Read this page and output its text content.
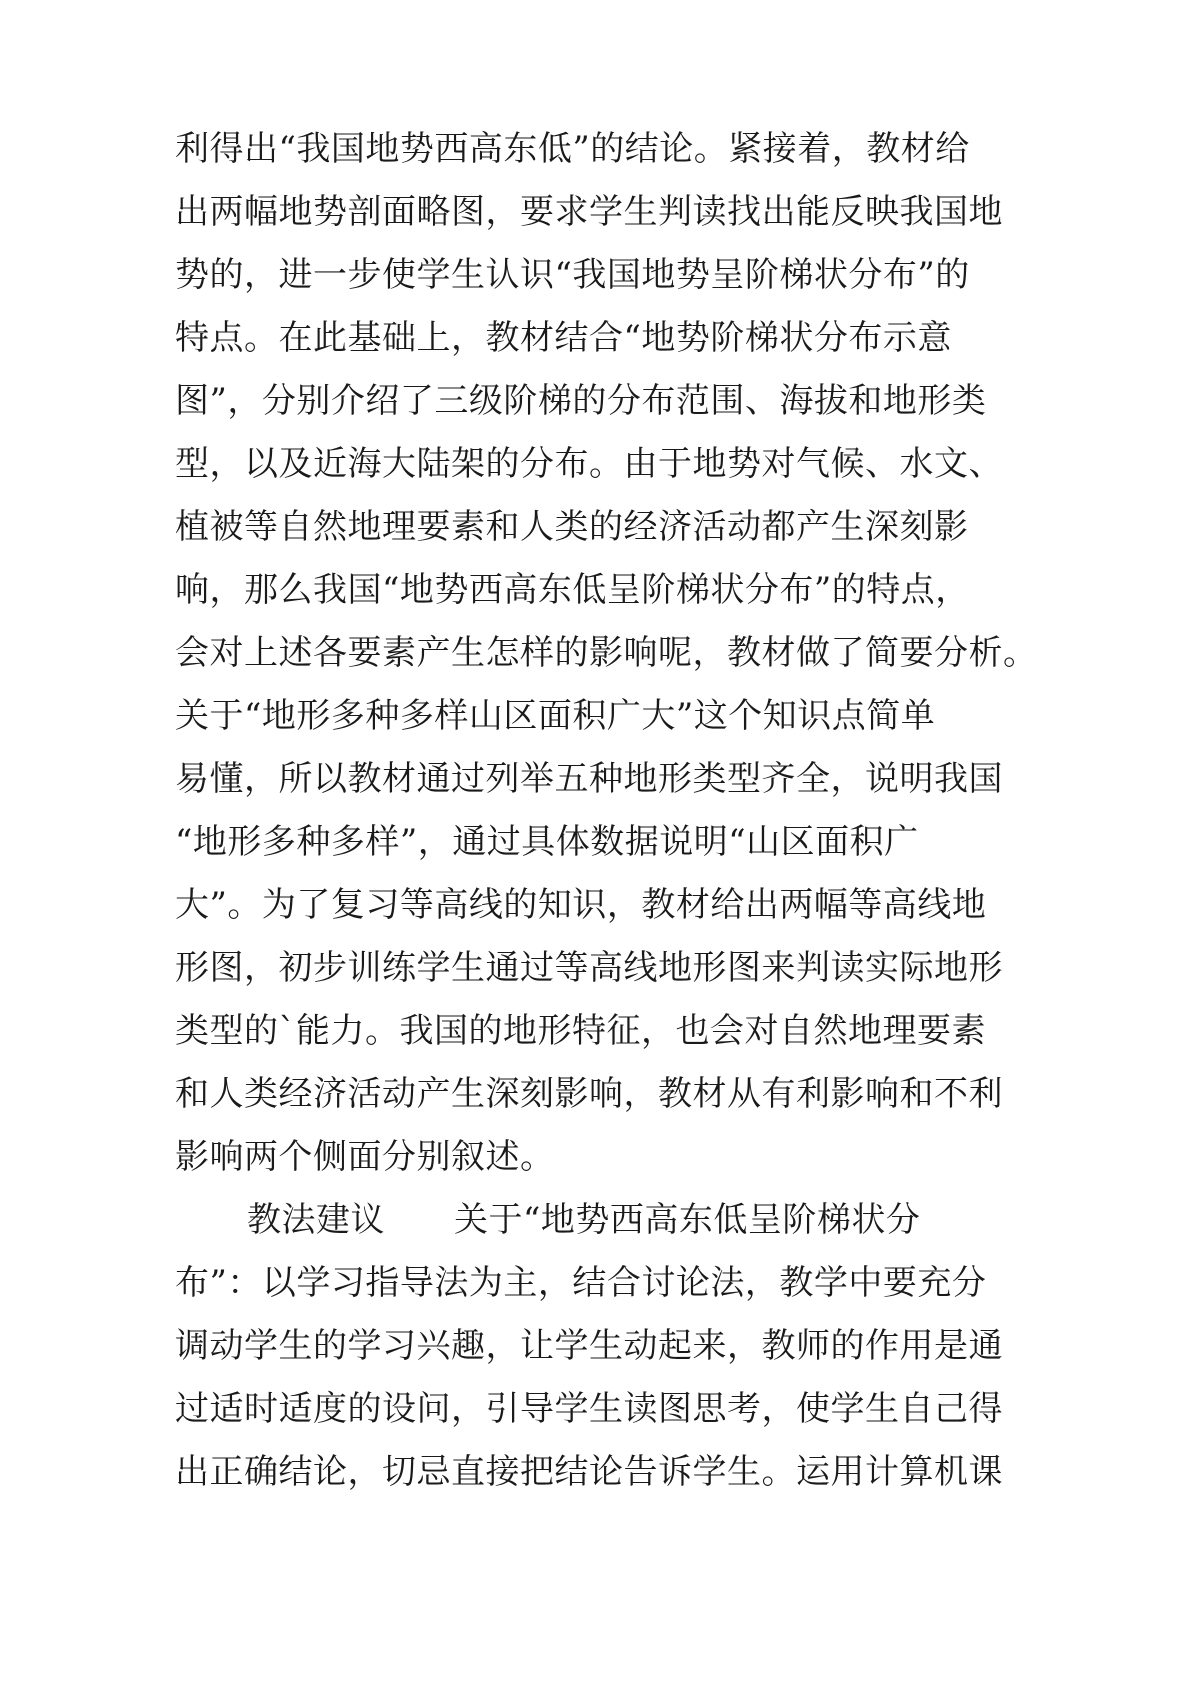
利得出“我国地势西高东低”的结论。紧接着，教材给
出两幅地势剖面略图，要求学生判读找出能反映我国地
势的，进一步使学生认识“我国地势呈阶梯状分布”的
特点。在此基础上，教材结合“地势阶梯状分布示意
图”，分别介绍了三级阶梯的分布范围、海拔和地形类
型，以及近海大陆架的分布。由于地势对气候、水文、
植被等自然地理要素和人类的经济活动都产生深刻影
响，那么我国“地势西高东低呈阶梯状分布”的特点，
会对上述各要素产生怎样的影响呢，教材做了简要分析。
关于“地形多种多样山区面积广大”这个知识点简单
易懂，所以教材通过列举五种地形类型齐全，说明我国
“地形多种多样”，通过具体数据说明“山区面积广
大”。为了复习等高线的知识，教材给出两幅等高线地
形图，初步训练学生通过等高线地形图来判读实际地形
类型的`能力。我国的地形特征，也会对自然地理要素
和人类经济活动产生深刻影响，教材从有利影响和不利
影响两个侧面分别叙述。
教法建议　　关于“地势西高东低呈阶梯状分
布”：以学习指导法为主，结合讨论法，教学中要充分
调动学生的学习兴趣，让学生动起来，教师的作用是通
过适时适度的设问，引导学生读图思考，使学生自己得
出正确结论，切忌直接把结论告诉学生。运用计算机课
